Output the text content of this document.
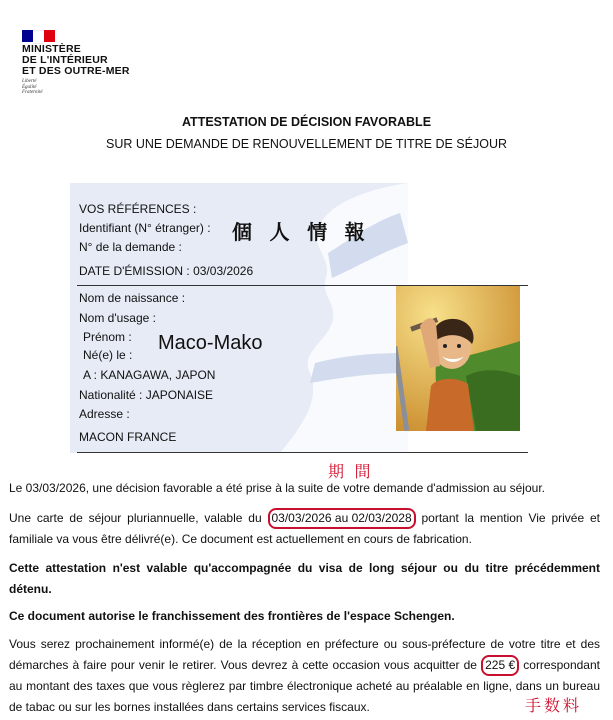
MINISTÈRE
DE L'INTÉRIEUR
ET DES OUTRE-MER
Liberté
Égalité
Fraternité
ATTESTATION DE DÉCISION FAVORABLE
SUR UNE DEMANDE DE RENOUVELLEMENT DE TITRE DE SÉJOUR
VOS RÉFÉRENCES :
Identifiant (N° étranger) :
N° de la demande :
DATE D'ÉMISSION : 03/03/2026
個 人 情 報
Nom de naissance :
Nom d'usage :
Prénom :
Né(e) le :
A : KANAGAWA, JAPON
Nationalité : JAPONAISE
Adresse :
MACON FRANCE
Maco-Mako
期 間
手数料
Le 03/03/2026, une décision favorable a été prise à la suite de votre demande d'admission au séjour.
Une carte de séjour pluriannuelle, valable du 03/03/2026 au 02/03/2028 portant la mention Vie privée et familiale va vous être délivré(e). Ce document est actuellement en cours de fabrication.
Cette attestation n'est valable qu'accompagnée du visa de long séjour ou du titre précédemment détenu.
Ce document autorise le franchissement des frontières de l'espace Schengen.
Vous serez prochainement informé(e) de la réception en préfecture ou sous-préfecture de votre titre et des démarches à faire pour venir le retirer. Vous devrez à cette occasion vous acquitter de 225 € correspondant au montant des taxes que vous règlerez par timbre électronique acheté au préalable en ligne, dans un bureau de tabac ou sur les bornes installées dans certains services fiscaux.
